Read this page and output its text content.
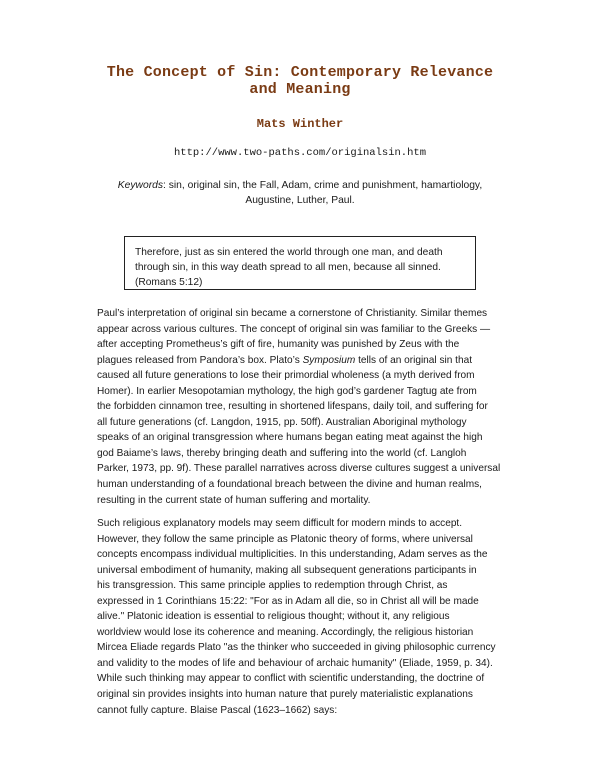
The Concept of Sin: Contemporary Relevance
and Meaning
Mats Winther
http://www.two-paths.com/originalsin.htm
Keywords: sin, original sin, the Fall, Adam, crime and punishment, hamartiology,
Augustine, Luther, Paul.
Therefore, just as sin entered the world through one man, and death
through sin, in this way death spread to all men, because all sinned.
(Romans 5:12)
Paul’s interpretation of original sin became a cornerstone of Christianity. Similar themes
appear across various cultures. The concept of original sin was familiar to the Greeks —
after accepting Prometheus’s gift of fire, humanity was punished by Zeus with the
plagues released from Pandora’s box. Plato’s Symposium tells of an original sin that
caused all future generations to lose their primordial wholeness (a myth derived from
Homer). In earlier Mesopotamian mythology, the high god’s gardener Tagtug ate from
the forbidden cinnamon tree, resulting in shortened lifespans, daily toil, and suffering for
all future generations (cf. Langdon, 1915, pp. 50ff). Australian Aboriginal mythology
speaks of an original transgression where humans began eating meat against the high
god Baiame’s laws, thereby bringing death and suffering into the world (cf. Langloh
Parker, 1973, pp. 9f). These parallel narratives across diverse cultures suggest a universal
human understanding of a foundational breach between the divine and human realms,
resulting in the current state of human suffering and mortality.
Such religious explanatory models may seem difficult for modern minds to accept.
However, they follow the same principle as Platonic theory of forms, where universal
concepts encompass individual multiplicities. In this understanding, Adam serves as the
universal embodiment of humanity, making all subsequent generations participants in
his transgression. This same principle applies to redemption through Christ, as
expressed in 1 Corinthians 15:22: "For as in Adam all die, so in Christ all will be made
alive." Platonic ideation is essential to religious thought; without it, any religious
worldview would lose its coherence and meaning. Accordingly, the religious historian
Mircea Eliade regards Plato "as the thinker who succeeded in giving philosophic currency
and validity to the modes of life and behaviour of archaic humanity" (Eliade, 1959, p. 34).
While such thinking may appear to conflict with scientific understanding, the doctrine of
original sin provides insights into human nature that purely materialistic explanations
cannot fully capture. Blaise Pascal (1623–1662) says:
